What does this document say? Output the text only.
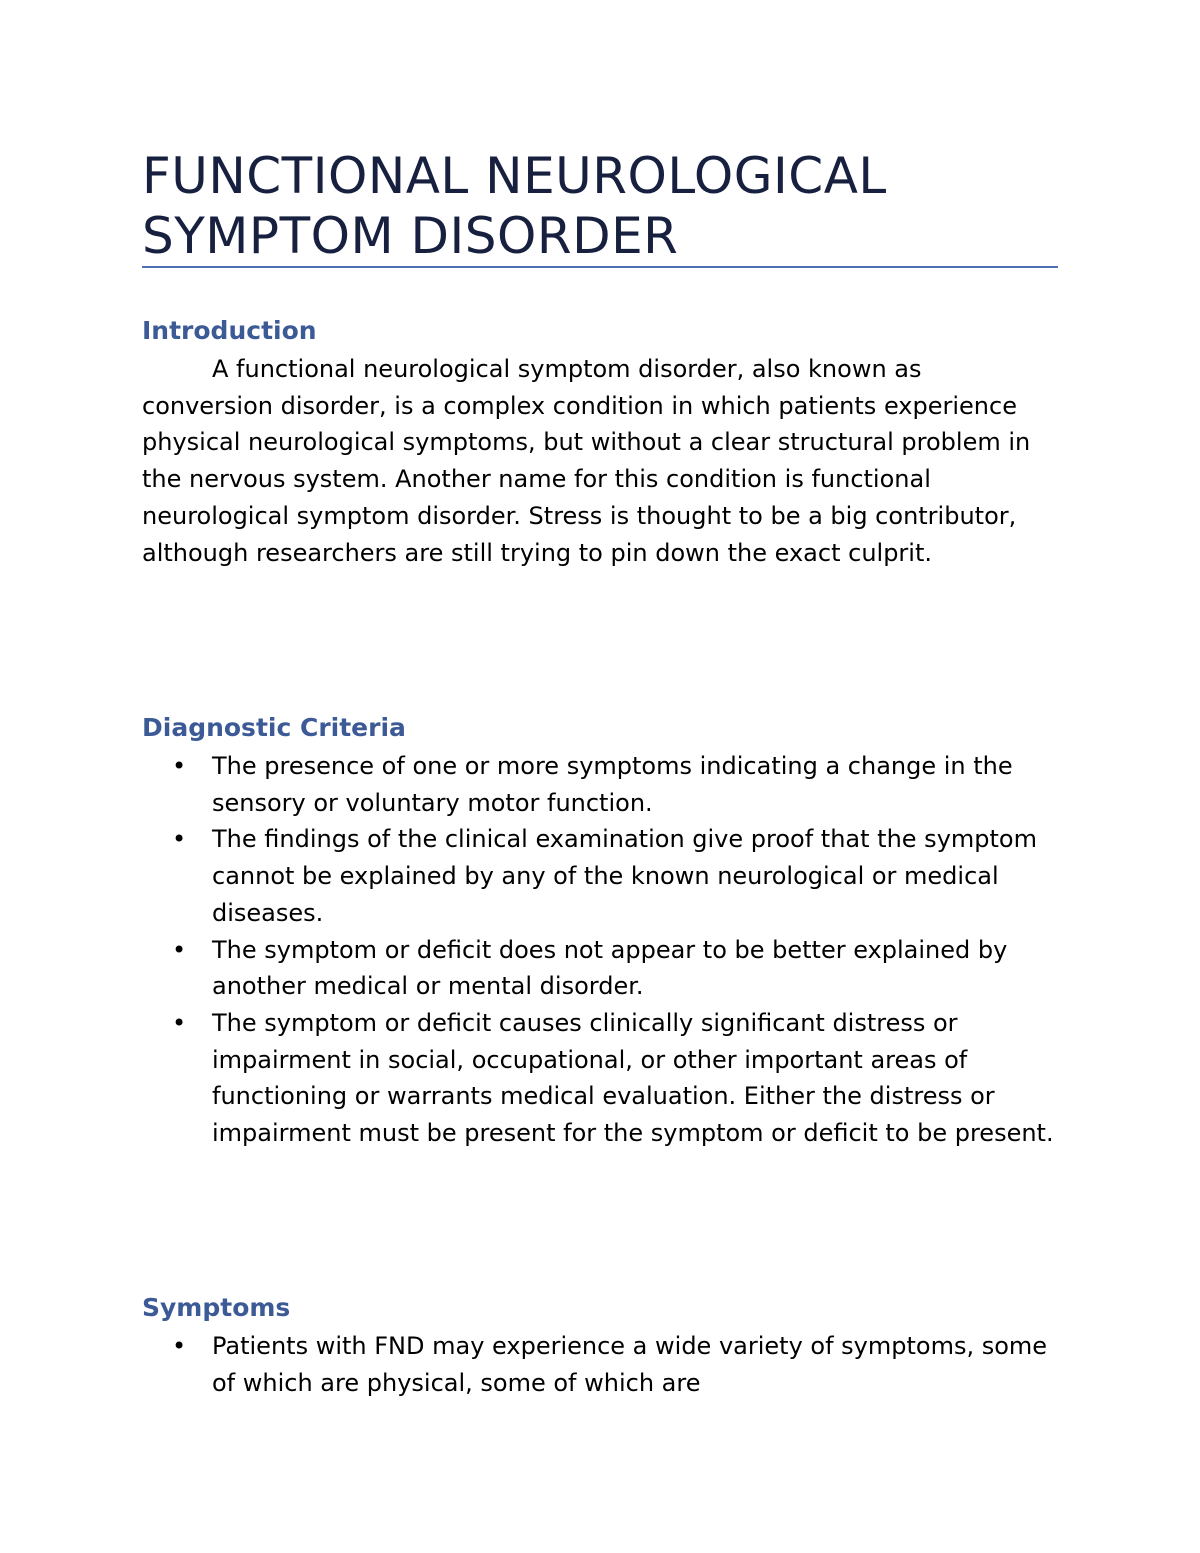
FUNCTIONAL NEUROLOGICAL SYMPTOM DISORDER
Introduction

A functional neurological symptom disorder, also known as conversion disorder, is a complex condition in which patients experience physical neurological symptoms, but without a clear structural problem in the nervous system. Another name for this condition is functional neurological symptom disorder. Stress is thought to be a big contributor, although researchers are still trying to pin down the exact culprit.

Diagnostic Criteria
• The presence of one or more symptoms indicating a change in the sensory or voluntary motor function.
• The findings of the clinical examination give proof that the symptom cannot be explained by any of the known neurological or medical diseases.
• The symptom or deficit does not appear to be better explained by another medical or mental disorder.
• The symptom or deficit causes clinically significant distress or impairment in social, occupational, or other important areas of functioning or warrants medical evaluation. Either the distress or impairment must be present for the symptom or deficit to be present.
Symptoms
• Patients with FND may experience a wide variety of symptoms, some of which are physical, some of which are
